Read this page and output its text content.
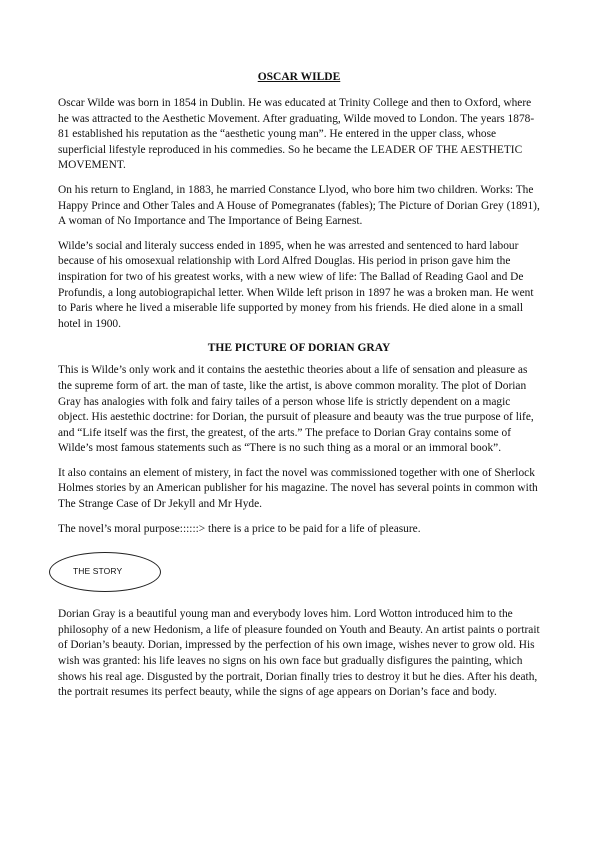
OSCAR WILDE

Oscar Wilde was born in 1854 in Dublin. He was educated at Trinity College and then to Oxford, where he was attracted to the Aesthetic Movement. After graduating, Wilde moved to London. The years 1878-81 established his reputation as the “aesthetic young man”. He entered in the upper class, whose superficial lifestyle reproduced in his commedies. So he became the LEADER OF THE AESTHETIC MOVEMENT.

On his return to England, in 1883, he married Constance Llyod, who bore him two children. Works: The Happy Prince and Other Tales and A House of Pomegranates (fables); The Picture of Dorian Grey (1891), A woman of No Importance and The Importance of Being Earnest.

Wilde’s social and literaly success ended in 1895, when he was arrested and sentenced to hard labour because of his omosexual relationship with Lord Alfred Douglas. His period in prison gave him the inspiration for two of his greatest works, with a new wiew of life: The Ballad of Reading Gaol and De Profundis, a long autobiograpichal letter. When Wilde left prison in 1897 he was a broken man. He went to Paris where he lived a miserable life supported by money from his friends. He died alone in a small hotel in 1900.

THE PICTURE OF DORIAN GRAY

This is Wilde’s only work and it contains the aestethic theories about a life of sensation and pleasure as the supreme form of art. the man of taste, like the artist, is above common morality. The plot of Dorian Gray has analogies with folk and fairy tailes of a person whose life is strictly dependent on a magic object. His aestethic doctrine: for Dorian, the pursuit of pleasure and beauty was the true purpose of life, and “Life itself was the first, the greatest, of the arts.” The preface to Dorian Gray contains some of Wilde’s most famous statements such as “There is no such thing as a moral or an immoral book”.

It also contains an element of mistery, in fact the novel was commissioned together with one of Sherlock Holmes stories by an American publisher for his magazine. The novel has several points in common with The Strange Case of Dr Jekyll and Mr Hyde.

The novel’s moral purpose::::::> there is a price to be paid for a life of pleasure.

THE STORY

Dorian Gray is a beautiful young man and everybody loves him. Lord Wotton introduced him to the philosophy of a new Hedonism, a life of pleasure founded on Youth and Beauty. An artist paints o portrait of Dorian’s beauty. Dorian, impressed by the perfection of his own image, wishes never to grow old. His wish was granted: his life leaves no signs on his own face but gradually disfigures the painting, which shows his real age. Disgusted by the portrait, Dorian finally tries to destroy it but he dies. After his death, the portrait resumes its perfect beauty, while the signs of age appears on Dorian’s face and body.
